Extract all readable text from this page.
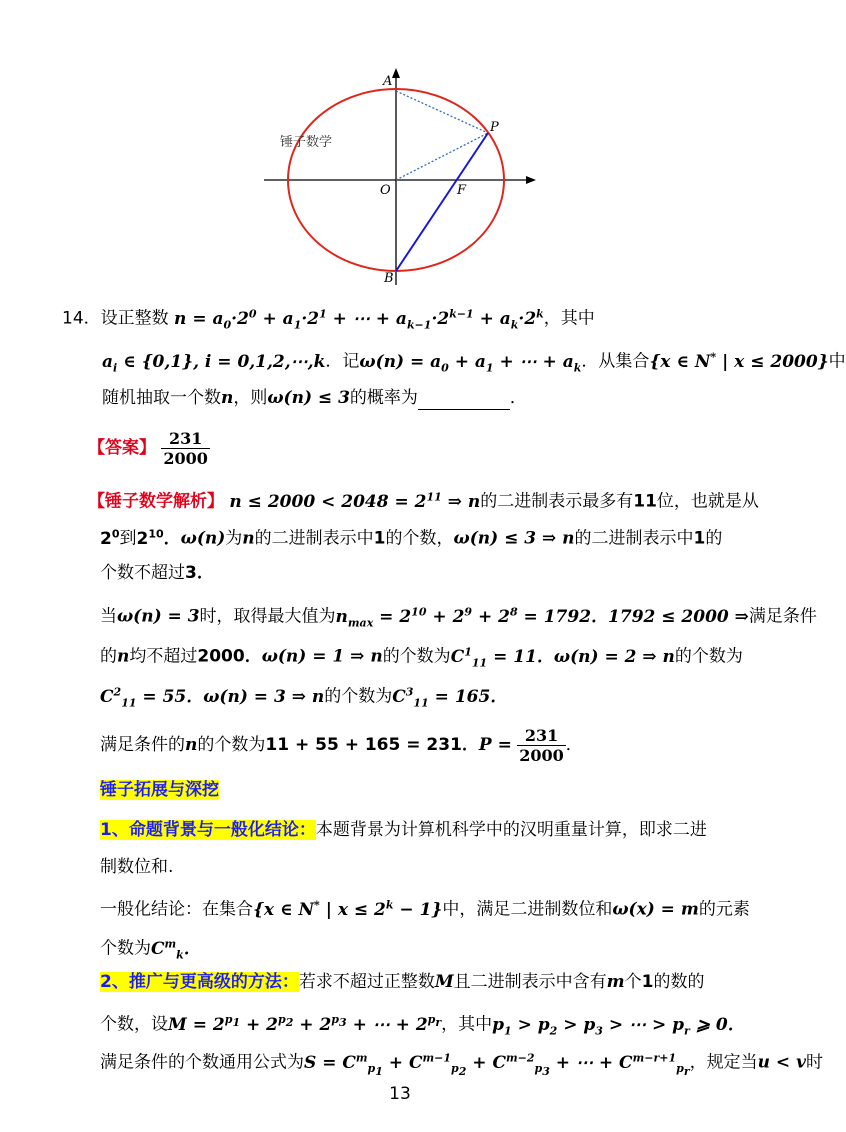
A
P
O	F
B
锤子数学
14．设正整数 $n = a_0\cdot 2^0 + a_1\cdot 2^1$ + ⋯ + $a_{k-1}\cdot 2^{k-1} + a_k\cdot 2^k$，其中
$a_i$ ∈ {0,1}, i = 0,1,2,⋯,k．记$\omega(n) = a_0 + a_1$ + ⋯ + $a_k$．从集合{x ∈ N* | x ≤ 2000}中
随机抽取一个数n，则ω(n) ≤ 3的概率为	．
【答案】 $\frac{231}{2000}$
【锤子数学解析】 $n \le 2000 < 2048 = 2^{11}$ ⇒ n的二进制表示最多有11位，也就是从
$2^0$到$2^{10}$．ω(n)为n的二进制表示中1的个数，ω(n) ≤ 3 ⇒ n的二进制表示中1的
个数不超过3．
当ω(n) = 3时，取得最大值为$n_{max} = 2^{10} + 2^9 + 2^8 = 1792$．1792 ≤ 2000 ⇒满足条件
的n均不超过2000．ω(n) = 1 ⇒ n的个数为$C^1_{11} = 11$．ω(n) = 2 ⇒ n的个数为
$C^2_{11} = 55$．ω(n) = 3 ⇒ n的个数为$C^3_{11} = 165$．
满足条件的n的个数为11 + 55 + 165 = 231．$P = \frac{231}{2000}$ ．
锤子拓展与深挖
1、命题背景与一般化结论：本题背景为计算机科学中的汉明重量计算，即求二进
制数位和.
一般化结论：在集合{x ∈ N* | $x \le 2^k - 1$}中，满足二进制数位和ω(x) = m的元素
个数为$C^m_k$．
2、推广与更高级的方法：若求不超过正整数M且二进制表示中含有m个1的数的
个数，设$M = 2^{p_1} + 2^{p_2} + 2^{p_3}$ + ⋯ + $2^{p_r}$，其中$p_1 > p_2 > p_3$ > ⋯ > $p_r$ ⩾ 0．
满足条件的个数通用公式为$S = C^m_{p_1} + C^{m-1}_{p_2} + C^{m-2}_{p_3}$ + ⋯ + $C^{m-r+1}_{p_r}$，规定当u < v时
13
